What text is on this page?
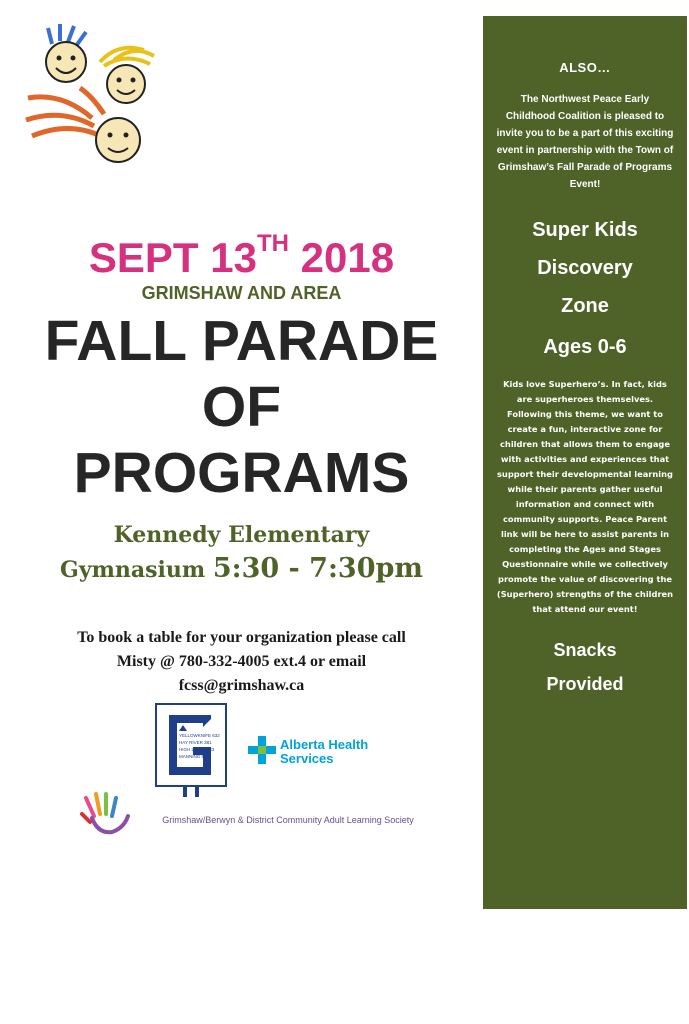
SEPT 13TH 2018
GRIMSHAW AND AREA
FALL PARADE
OF
PROGRAMS
Kennedy Elementary
Gymnasium 5:30 - 7:30pm
To book a table for your organization please call
Misty @ 780-332-4005 ext.4 or email
fcss@grimshaw.ca
YELLOWKNIFE 632
HAY RIVER 381
HIGH LEVEL 183
MANNING 52
Alberta Health
Services
Grimshaw/Berwyn & District Community Adult Learning Society
ALSO…
The Northwest Peace Early Childhood Coalition is pleased to invite you to be a part of this exciting event in partnership with the Town of Grimshaw’s Fall Parade of Programs Event!
Super Kids
Discovery
Zone
Ages 0-6
Kids love Superhero’s. In fact, kids are superheroes themselves. Following this theme, we want to create a fun, interactive zone for children that allows them to engage with activities and experiences that support their developmental learning while their parents gather useful information and connect with community supports. Peace Parent link will be here to assist parents in completing the Ages and Stages Questionnaire while we collectively promote the value of discovering the (Superhero) strengths of the children that attend our event!
Snacks
Provided
